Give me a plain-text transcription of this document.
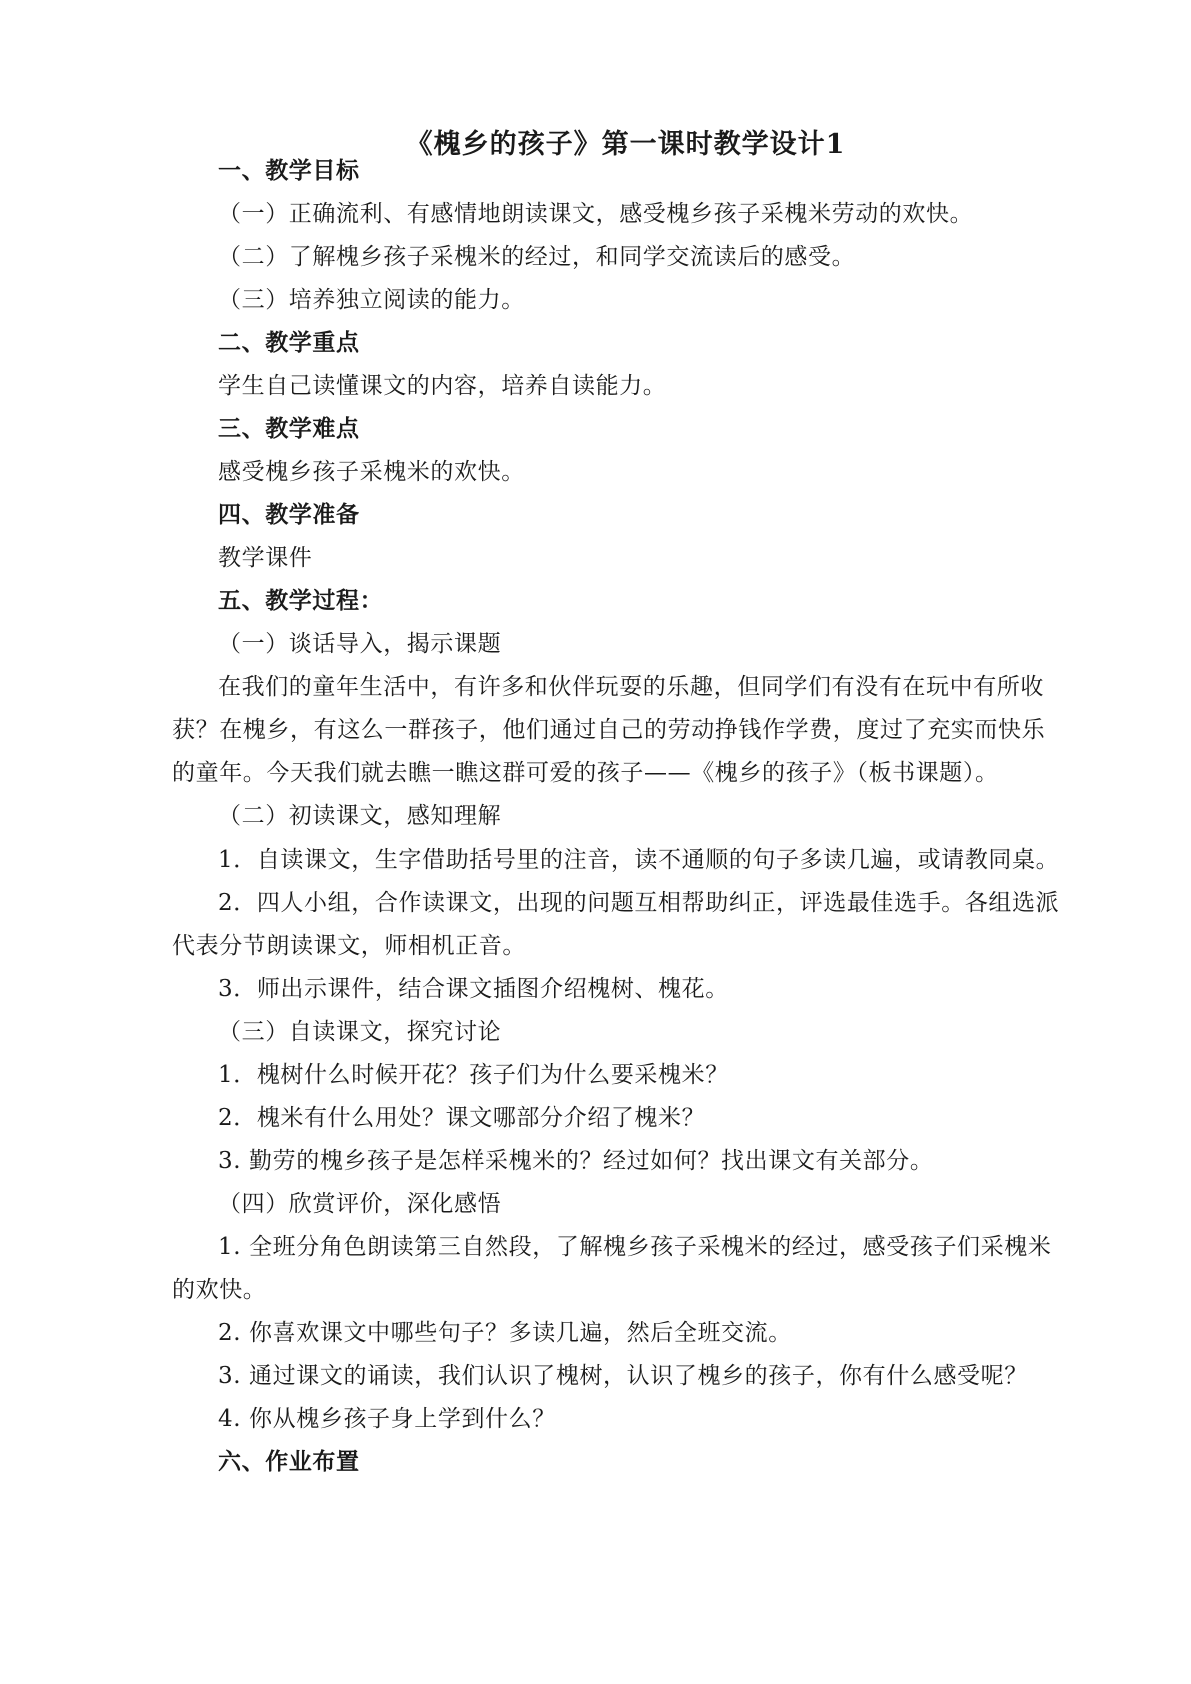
《槐乡的孩子》第一课时教学设计1
一、教学目标
（一）正确流利、有感情地朗读课文，感受槐乡孩子采槐米劳动的欢快。
（二）了解槐乡孩子采槐米的经过，和同学交流读后的感受。
（三）培养独立阅读的能力。
二、教学重点
学生自己读懂课文的内容，培养自读能力。
三、教学难点
感受槐乡孩子采槐米的欢快。
四、教学准备
教学课件
五、教学过程：
（一）谈话导入，揭示课题
在我们的童年生活中，有许多和伙伴玩耍的乐趣，但同学们有没有在玩中有所收
获？在槐乡，有这么一群孩子，他们通过自己的劳动挣钱作学费，度过了充实而快乐
的童年。今天我们就去瞧一瞧这群可爱的孩子——《槐乡的孩子》（板书课题）。
（二）初读课文，感知理解
1．自读课文，生字借助括号里的注音，读不通顺的句子多读几遍，或请教同桌。
2．四人小组，合作读课文，出现的问题互相帮助纠正，评选最佳选手。各组选派
代表分节朗读课文，师相机正音。
3．师出示课件，结合课文插图介绍槐树、槐花。
（三）自读课文，探究讨论
1．槐树什么时候开花？孩子们为什么要采槐米？
2．槐米有什么用处？课文哪部分介绍了槐米？
3. 勤劳的槐乡孩子是怎样采槐米的？经过如何？找出课文有关部分。
（四）欣赏评价，深化感悟
1. 全班分角色朗读第三自然段，了解槐乡孩子采槐米的经过，感受孩子们采槐米
的欢快。
2. 你喜欢课文中哪些句子？多读几遍，然后全班交流。
3. 通过课文的诵读，我们认识了槐树，认识了槐乡的孩子，你有什么感受呢？
4. 你从槐乡孩子身上学到什么？
六、作业布置
